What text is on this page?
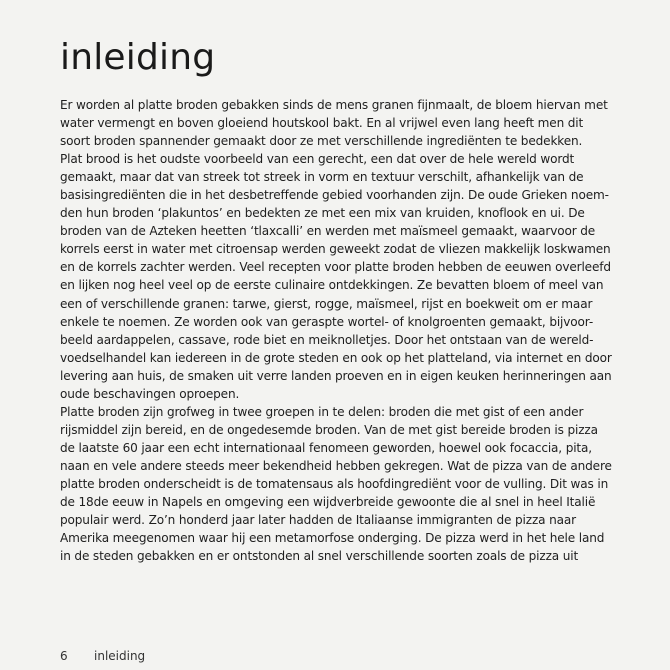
inleiding
Er worden al platte broden gebakken sinds de mens granen fijnmaalt, de bloem hiervan met
water vermengt en boven gloeiend houtskool bakt. En al vrijwel even lang heeft men dit
soort broden spannender gemaakt door ze met verschillende ingrediënten te bedekken.
Plat brood is het oudste voorbeeld van een gerecht, een dat over de hele wereld wordt
gemaakt, maar dat van streek tot streek in vorm en textuur verschilt, afhankelijk van de
basisingrediënten die in het desbetreffende gebied voorhanden zijn. De oude Grieken noem-
den hun broden ‘plakuntos’ en bedekten ze met een mix van kruiden, knoflook en ui. De
broden van de Azteken heetten ‘tlaxcalli’ en werden met maïsmeel gemaakt, waarvoor de
korrels eerst in water met citroensap werden geweekt zodat de vliezen makkelijk loskwamen
en de korrels zachter werden. Veel recepten voor platte broden hebben de eeuwen overleefd
en lijken nog heel veel op de eerste culinaire ontdekkingen. Ze bevatten bloem of meel van
een of verschillende granen: tarwe, gierst, rogge, maïsmeel, rijst en boekweit om er maar
enkele te noemen. Ze worden ook van geraspte wortel- of knolgroenten gemaakt, bijvoor-
beeld aardappelen, cassave, rode biet en meiknolletjes. Door het ontstaan van de wereld-
voedselhandel kan iedereen in de grote steden en ook op het platteland, via internet en door
levering aan huis, de smaken uit verre landen proeven en in eigen keuken herinneringen aan
oude beschavingen oproepen.
Platte broden zijn grofweg in twee groepen in te delen: broden die met gist of een ander
rijsmiddel zijn bereid, en de ongedesemde broden. Van de met gist bereide broden is pizza
de laatste 60 jaar een echt internationaal fenomeen geworden, hoewel ook focaccia, pita,
naan en vele andere steeds meer bekendheid hebben gekregen. Wat de pizza van de andere
platte broden onderscheidt is de tomatensaus als hoofdingrediënt voor de vulling. Dit was in
de 18de eeuw in Napels en omgeving een wijdverbreide gewoonte die al snel in heel Italië
populair werd. Zo’n honderd jaar later hadden de Italiaanse immigranten de pizza naar
Amerika meegenomen waar hij een metamorfose onderging. De pizza werd in het hele land
in de steden gebakken en er ontstonden al snel verschillende soorten zoals de pizza uit
6 inleiding
